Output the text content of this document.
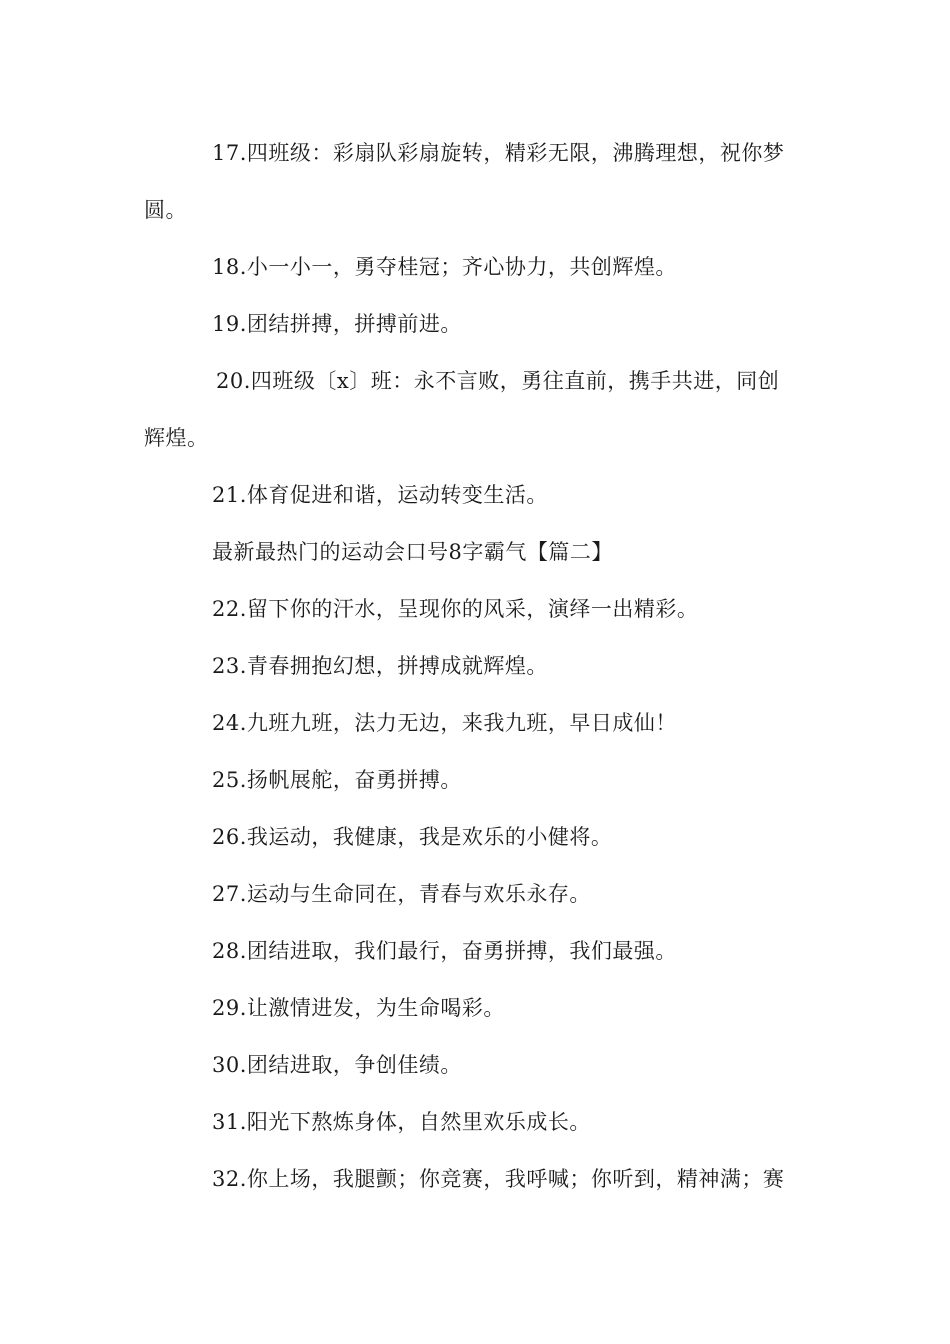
17.四班级：彩扇队彩扇旋转，精彩无限，沸腾理想，祝你梦
圆。
18.小一小一，勇夺桂冠；齐心协力，共创辉煌。
19.团结拼搏，拼搏前进。
20.四班级〔x〕班：永不言败，勇往直前，携手共进，同创
辉煌。
21.体育促进和谐，运动转变生活。
最新最热门的运动会口号8字霸气【篇二】
22.留下你的汗水，呈现你的风采，演绎一出精彩。
23.青春拥抱幻想，拼搏成就辉煌。
24.九班九班，法力无边，来我九班，早日成仙！
25.扬帆展舵，奋勇拼搏。
26.我运动，我健康，我是欢乐的小健将。
27.运动与生命同在，青春与欢乐永存。
28.团结进取，我们最行，奋勇拼搏，我们最强。
29.让激情进发，为生命喝彩。
30.团结进取，争创佳绩。
31.阳光下熬炼身体，自然里欢乐成长。
32.你上场，我腿颤；你竞赛，我呼喊；你听到，精神满；赛
